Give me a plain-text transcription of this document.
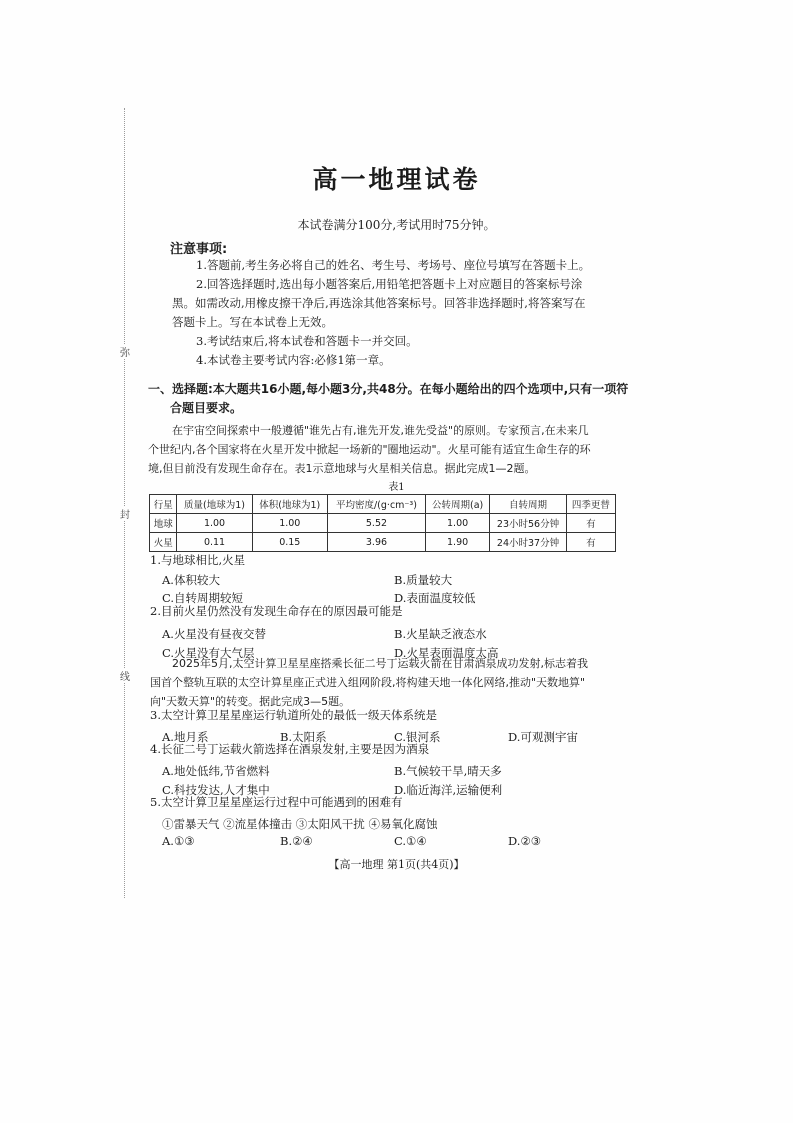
弥
封
线
高一地理试卷
本试卷满分100分,考试用时75分钟。
注意事项:
1.答题前,考生务必将自己的姓名、考生号、考场号、座位号填写在答题卡上。
2.回答选择题时,选出每小题答案后,用铅笔把答题卡上对应题目的答案标号涂
黑。如需改动,用橡皮擦干净后,再选涂其他答案标号。回答非选择题时,将答案写在
答题卡上。写在本试卷上无效。
3.考试结束后,将本试卷和答题卡一并交回。
4.本试卷主要考试内容:必修1第一章。
一、选择题:本大题共16小题,每小题3分,共48分。在每小题给出的四个选项中,只有一项符
合题目要求。
在宇宙空间探索中一般遵循"谁先占有,谁先开发,谁先受益"的原则。专家预言,在未来几
个世纪内,各个国家将在火星开发中掀起一场新的"圈地运动"。火星可能有适宜生命生存的环
境,但目前没有发现生命存在。表1示意地球与火星相关信息。据此完成1—2题。
表1
行星	质量(地球为1)	体积(地球为1)	平均密度/(g·cm⁻³)	公转周期(a)	自转周期	四季更替
地球	1.00	1.00	5.52	1.00	23小时56分钟	有
火星	0.11	0.15	3.96	1.90	24小时37分钟	有
1.与地球相比,火星
A.体积较大	B.质量较大
C.自转周期较短	D.表面温度较低
2.目前火星仍然没有发现生命存在的原因最可能是
A.火星没有昼夜交替	B.火星缺乏液态水
C.火星没有大气层	D.火星表面温度太高
2025年5月,太空计算卫星星座搭乘长征二号丁运载火箭在甘肃酒泉成功发射,标志着我
国首个整轨互联的太空计算星座正式进入组网阶段,将构建天地一体化网络,推动"天数地算"
向"天数天算"的转变。据此完成3—5题。
3.太空计算卫星星座运行轨道所处的最低一级天体系统是
A.地月系	B.太阳系	C.银河系	D.可观测宇宙
4.长征二号丁运载火箭选择在酒泉发射,主要是因为酒泉
A.地处低纬,节省燃料	B.气候较干旱,晴天多
C.科技发达,人才集中	D.临近海洋,运输便利
5.太空计算卫星星座运行过程中可能遇到的困难有
①雷暴天气 ②流星体撞击 ③太阳风干扰 ④易氧化腐蚀
A.①③	B.②④	C.①④	D.②③
【高一地理 第1页(共4页)】
